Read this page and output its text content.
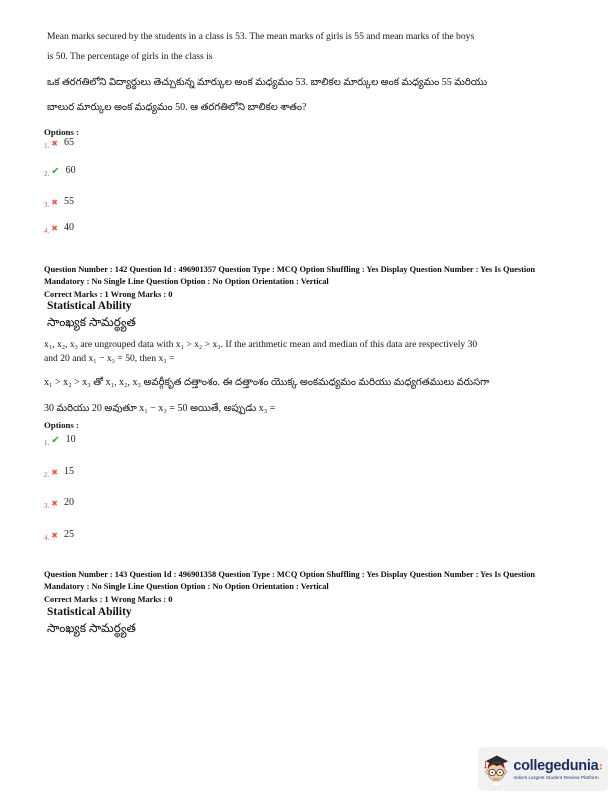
Mean marks secured by the students in a class is 53. The mean marks of girls is 55 and mean marks of the boys is 50. The percentage of girls in the class is
ఒక తరగతిలోని విద్యార్థులు తెచ్చుకున్న మార్కుల అంక మధ్యమం 53. బాలికల మార్కుల అంక మధ్యమం 55 మరియు బాలుర మార్కుల అంక మధ్యమం 50. ఆ తరగతిలోని బాలికల శాతం?
Options :
1. ✖ 65
2. ✔ 60
3. ✖ 55
4. ✖ 40
Question Number : 142 Question Id : 496901357 Question Type : MCQ Option Shuffling : Yes Display Question Number : Yes Is Question Mandatory : No Single Line Question Option : No Option Orientation : Vertical
Correct Marks : 1 Wrong Marks : 0
Statistical Ability
సాంఖ్యక సామర్థ్యత
x₁, x₂, x₃ are ungrouped data with x₁ > x₂ > x₃. If the arithmetic mean and median of this data are respectively 30 and 20 and x₁ − x₃ = 50, then x₃ =
x₁ > x₂ > x₃ తో x₁, x₂, x₃ అవర్గీకృత దత్తాంశం. ఈ దత్తాంశం యొక్క అంకమధ్యమం మరియు మధ్యగతములు వరుసగా 30 మరియు 20 అవుతూ x₁ − x₃ = 50 అయితే, అప్పుడు x₃ =
Options :
1. ✔ 10
2. ✖ 15
3. ✖ 20
4. ✖ 25
Question Number : 143 Question Id : 496901358 Question Type : MCQ Option Shuffling : Yes Display Question Number : Yes Is Question Mandatory : No Single Line Question Option : No Option Orientation : Vertical
Correct Marks : 1 Wrong Marks : 0
Statistical Ability
సాంఖ్యక సామర్థ్యత
collegedunia ∶
India's Largest Student Review Platform
